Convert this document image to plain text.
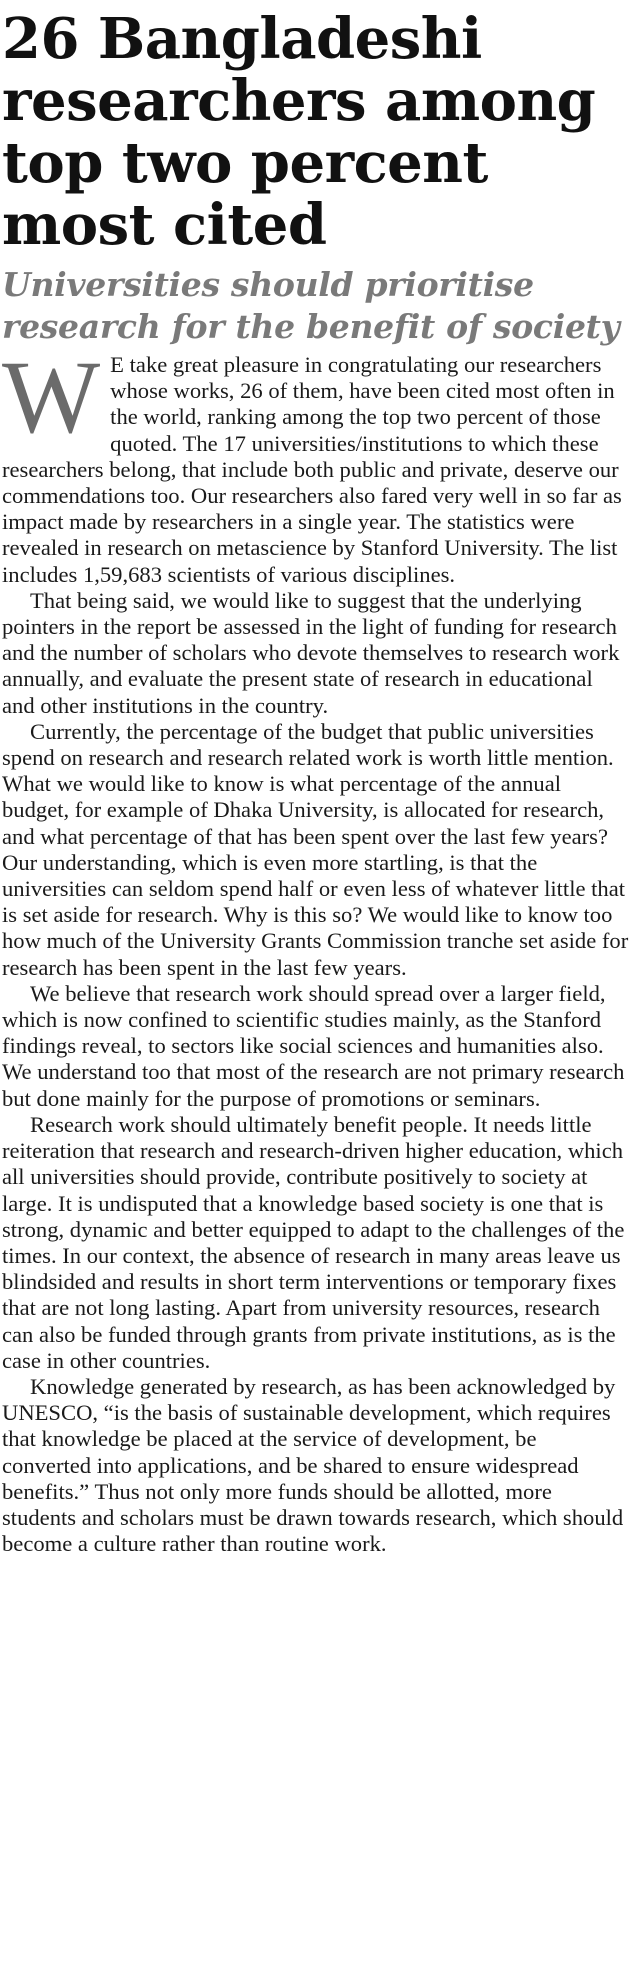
26 Bangladeshi researchers among top two percent most cited
Universities should prioritise research for the benefit of society

W E take great pleasure in congratulating our researchers whose works, 26 of them, have been cited most often in the world, ranking among the top two percent of those quoted. The 17 universities/institutions to which these researchers belong, that include both public and private, deserve our commendations too. Our researchers also fared very well in so far as impact made by researchers in a single year. The statistics were revealed in research on metascience by Stanford University. The list includes 1,59,683 scientists of various disciplines.

That being said, we would like to suggest that the underlying pointers in the report be assessed in the light of funding for research and the number of scholars who devote themselves to research work annually, and evaluate the present state of research in educational and other institutions in the country.

Currently, the percentage of the budget that public universities spend on research and research related work is worth little mention. What we would like to know is what percentage of the annual budget, for example of Dhaka University, is allocated for research, and what percentage of that has been spent over the last few years? Our understanding, which is even more startling, is that the universities can seldom spend half or even less of whatever little that is set aside for research. Why is this so? We would like to know too how much of the University Grants Commission tranche set aside for research has been spent in the last few years.

We believe that research work should spread over a larger field, which is now confined to scientific studies mainly, as the Stanford findings reveal, to sectors like social sciences and humanities also. We understand too that most of the research are not primary research but done mainly for the purpose of promotions or seminars.

Research work should ultimately benefit people. It needs little reiteration that research and research-driven higher education, which all universities should provide, contribute positively to society at large. It is undisputed that a knowledge based society is one that is strong, dynamic and better equipped to adapt to the challenges of the times. In our context, the absence of research in many areas leave us blindsided and results in short term interventions or temporary fixes that are not long lasting. Apart from university resources, research can also be funded through grants from private institutions, as is the case in other countries.

Knowledge generated by research, as has been acknowledged by UNESCO, “is the basis of sustainable development, which requires that knowledge be placed at the service of development, be converted into applications, and be shared to ensure widespread benefits.” Thus not only more funds should be allotted, more students and scholars must be drawn towards research, which should become a culture rather than routine work.
